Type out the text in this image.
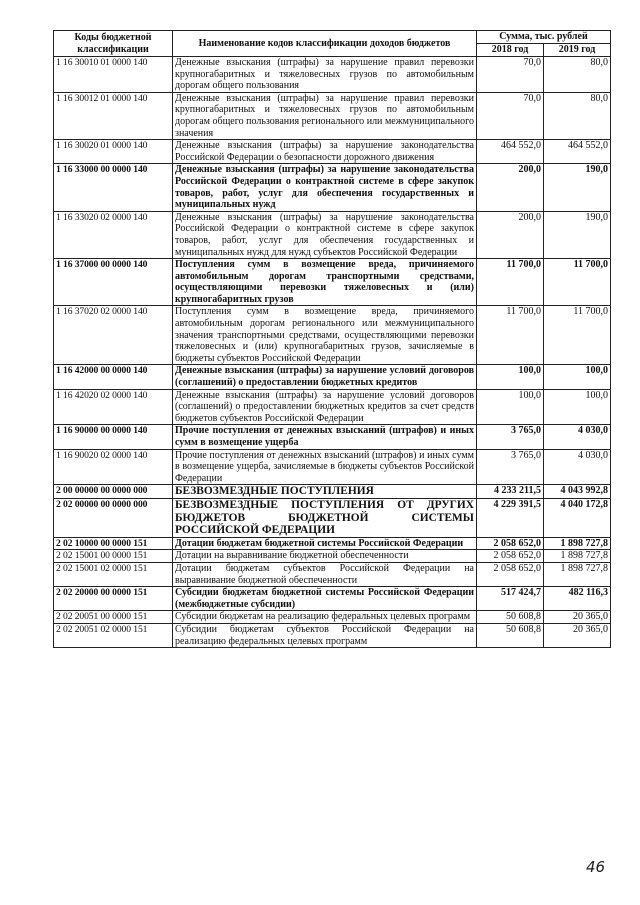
Коды бюджетной классификации	Наименование кодов классификации доходов бюджетов	Сумма, тыс. рублей	
		2018 год	2019 год
1 16 30010 01 0000 140	Денежные взыскания (штрафы) за нарушение правил перевозки крупногабаритных и тяжеловесных грузов по автомобильным дорогам общего пользования	70,0	80,0
1 16 30012 01 0000 140	Денежные взыскания (штрафы) за нарушение правил перевозки крупногабаритных и тяжеловесных грузов по автомобильным дорогам общего пользования регионального или межмуниципального значения	70,0	80,0
1 16 30020 01 0000 140	Денежные взыскания (штрафы) за нарушение законодательства Российской Федерации о безопасности дорожного движения	464 552,0	464 552,0
1 16 33000 00 0000 140	Денежные взыскания (штрафы) за нарушение законодательства Российской Федерации о контрактной системе в сфере закупок товаров, работ, услуг для обеспечения государственных и муниципальных нужд	200,0	190,0
1 16 33020 02 0000 140	Денежные взыскания (штрафы) за нарушение законодательства Российской Федерации о контрактной системе в сфере закупок товаров, работ, услуг для обеспечения государственных и муниципальных нужд для нужд субъектов Российской Федерации	200,0	190,0
1 16 37000 00 0000 140	Поступления сумм в возмещение вреда, причиняемого автомобильным дорогам транспортными средствами, осуществляющими перевозки тяжеловесных и (или) крупногабаритных грузов	11 700,0	11 700,0
1 16 37020 02 0000 140	Поступления сумм в возмещение вреда, причиняемого автомобильным дорогам регионального или межмуниципального значения транспортными средствами, осуществляющими перевозки тяжеловесных и (или) крупногабаритных грузов, зачисляемые в бюджеты субъектов Российской Федерации	11 700,0	11 700,0
1 16 42000 00 0000 140	Денежные взыскания (штрафы) за нарушение условий договоров (соглашений) о предоставлении бюджетных кредитов	100,0	100,0
1 16 42020 02 0000 140	Денежные взыскания (штрафы) за нарушение условий договоров (соглашений) о предоставлении бюджетных кредитов за счет средств бюджетов субъектов Российской Федерации	100,0	100,0
1 16 90000 00 0000 140	Прочие поступления от денежных взысканий (штрафов) и иных сумм в возмещение ущерба	3 765,0	4 030,0
1 16 90020 02 0000 140	Прочие поступления от денежных взысканий (штрафов) и иных сумм в возмещение ущерба, зачисляемые в бюджеты субъектов Российской Федерации	3 765,0	4 030,0
2 00 00000 00 0000 000	БЕЗВОЗМЕЗДНЫЕ ПОСТУПЛЕНИЯ	4 233 211,5	4 043 992,8
2 02 00000 00 0000 000	БЕЗВОЗМЕЗДНЫЕ ПОСТУПЛЕНИЯ ОТ ДРУГИХ БЮДЖЕТОВ БЮДЖЕТНОЙ СИСТЕМЫ РОССИЙСКОЙ ФЕДЕРАЦИИ	4 229 391,5	4 040 172,8
2 02 10000 00 0000 151	Дотации бюджетам бюджетной системы Российской Федерации	2 058 652,0	1 898 727,8
2 02 15001 00 0000 151	Дотации на выравнивание бюджетной обеспеченности	2 058 652,0	1 898 727,8
2 02 15001 02 0000 151	Дотации бюджетам субъектов Российской Федерации на выравнивание бюджетной обеспеченности	2 058 652,0	1 898 727,8
2 02 20000 00 0000 151	Субсидии бюджетам бюджетной системы Российской Федерации (межбюджетные субсидии)	517 424,7	482 116,3
2 02 20051 00 0000 151	Субсидии бюджетам на реализацию федеральных целевых программ	50 608,8	20 365,0
2 02 20051 02 0000 151	Субсидии бюджетам субъектов Российской Федерации на реализацию федеральных целевых программ	50 608,8	20 365,0
46
